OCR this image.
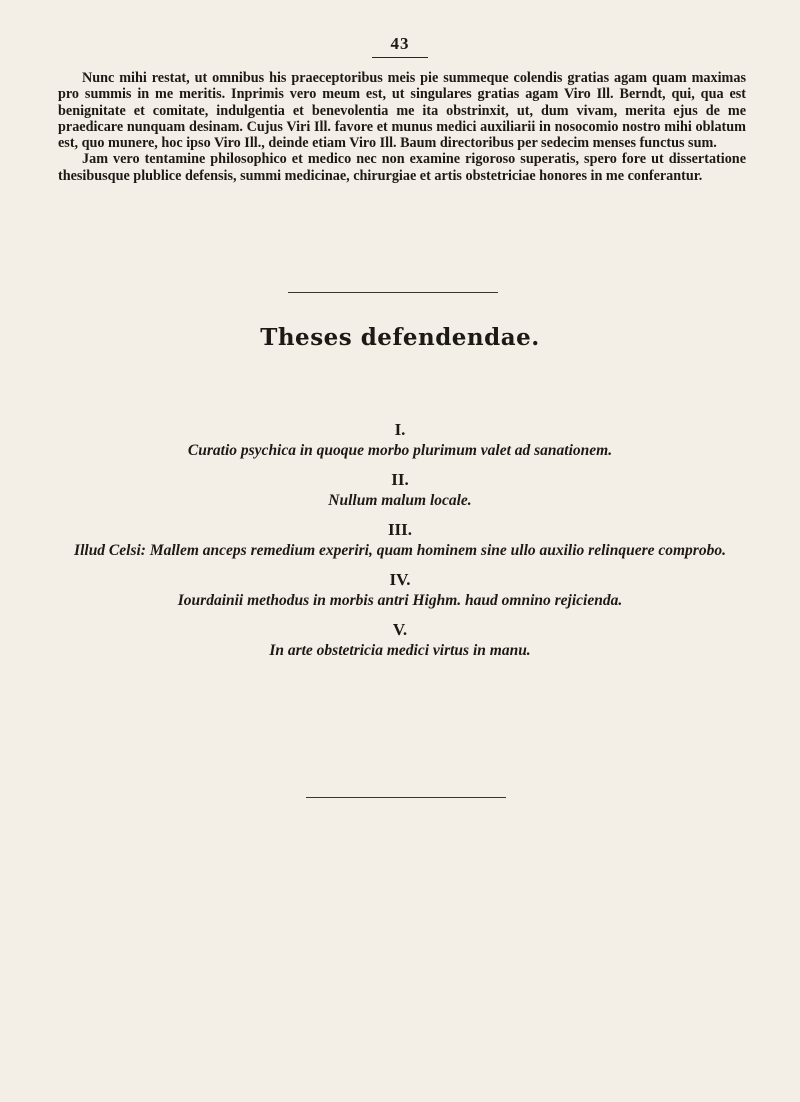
43

Nunc mihi restat, ut omnibus his praeceptoribus meis pie summeque colendis gratias agam quam maximas pro summis in me meritis. Inprimis vero meum est, ut singulares gratias agam Viro Ill. Berndt, qui, qua est benignitate et comitate, indulgentia et benevolentia me ita obstrinxit, ut, dum vivam, merita ejus de me praedicare nunquam desinam. Cujus Viri Ill. favore et munus medici auxiliarii in nosocomio nostro mihi oblatum est, quo munere, hoc ipso Viro Ill., deinde etiam Viro Ill. Baum directoribus per sedecim menses functus sum.

Jam vero tentamine philosophico et medico nec non examine rigoroso superatis, spero fore ut dissertatione thesibusque plublice defensis, summi medicinae, chirurgiae et artis obstetriciae honores in me conferantur.

Theses defendendae.
I.
Curatio psychica in quoque morbo plurimum valet ad sanationem.
II.
Nullum malum locale.
III.
Illud Celsi: Mallem anceps remedium experiri, quam hominem sine ullo auxilio relinquere comprobo.
IV.
Iourdainii methodus in morbis antri Highm. haud omnino rejicienda.
V.
In arte obstetricia medici virtus in manu.
